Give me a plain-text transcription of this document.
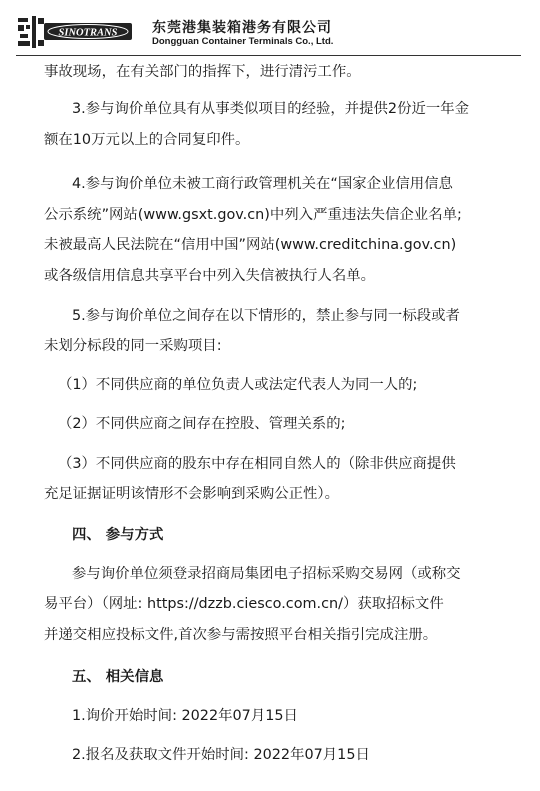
SINOTRANS 东莞港集装箱港务有限公司
Dongguan Container Terminals Co., Ltd.
事故现场，在有关部门的指挥下，进行清污工作。
3.参与询价单位具有从事类似项目的经验，并提供2份近一年金
额在10万元以上的合同复印件。
4.参与询价单位未被工商行政管理机关在“国家企业信用信息
公示系统”网站(www.gsxt.gov.cn)中列入严重违法失信企业名单;
未被最高人民法院在“信用中国”网站(www.creditchina.gov.cn)
或各级信用信息共享平台中列入失信被执行人名单。
5.参与询价单位之间存在以下情形的，禁止参与同一标段或者
未划分标段的同一采购项目:
（1）不同供应商的单位负责人或法定代表人为同一人的;
（2）不同供应商之间存在控股、管理关系的;
（3）不同供应商的股东中存在相同自然人的（除非供应商提供
充足证据证明该情形不会影响到采购公正性）。
四、 参与方式
参与询价单位须登录招商局集团电子招标采购交易网（或称交
易平台）（网址: https://dzzb.ciesco.com.cn/）获取招标文件
并递交相应投标文件,首次参与需按照平台相关指引完成注册。
五、 相关信息
1.询价开始时间: 2022年07月15日
2.报名及获取文件开始时间: 2022年07月15日
